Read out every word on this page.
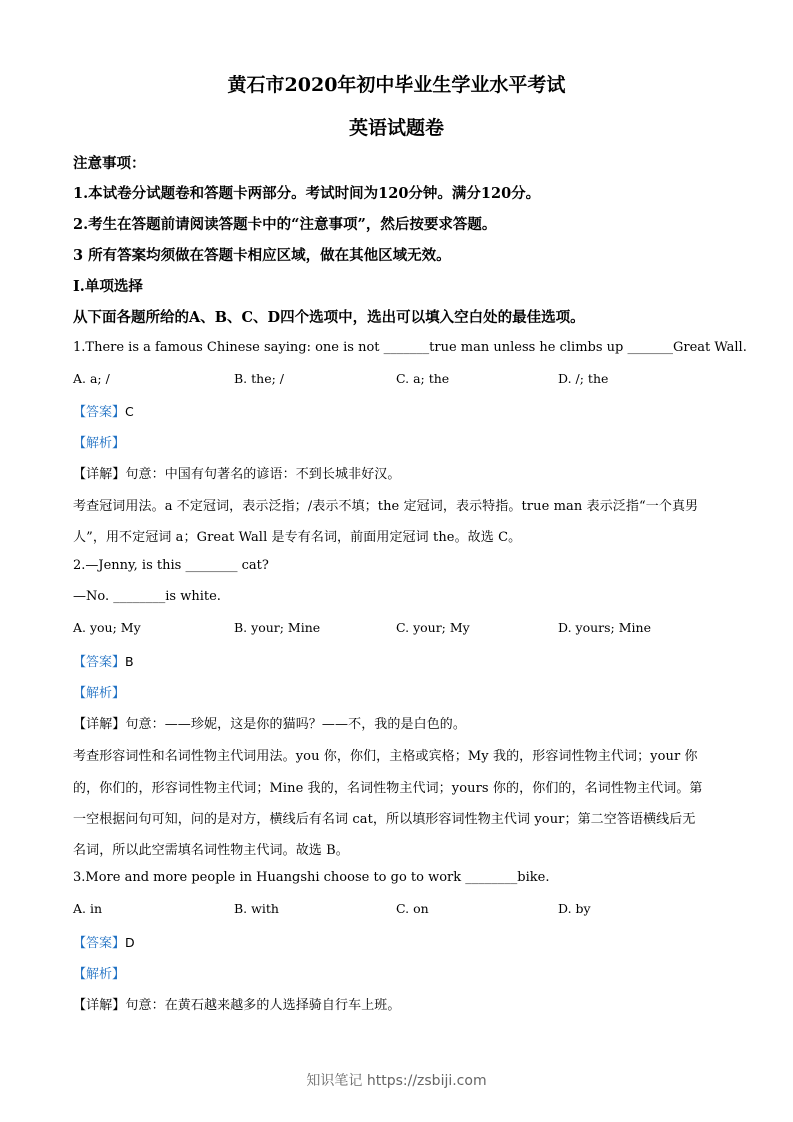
黄石市2020年初中毕业生学业水平考试
英语试题卷
注意事项：
1.本试卷分试题卷和答题卡两部分。考试时间为120分钟。满分120分。
2.考生在答题前请阅读答题卡中的“注意事项”，然后按要求答题。
3 所有答案均须做在答题卡相应区域，做在其他区域无效。
I.单项选择
从下面各题所给的A、B、C、D四个选项中，选出可以填入空白处的最佳选项。
1.There is a famous Chinese saying: one is not _______true man unless he climbs up _______Great Wall.
A. a; /	B. the; /	C. a; the	D. /; the
【答案】C
【解析】
【详解】句意：中国有句著名的谚语：不到长城非好汉。
考查冠词用法。a 不定冠词，表示泛指；/表示不填；the 定冠词，表示特指。true man 表示泛指“一个真男
人”，用不定冠词 a；Great Wall 是专有名词，前面用定冠词 the。故选 C。
2.—Jenny, is this ________ cat?
—No. ________is white.
A. you; My	B. your; Mine	C. your; My	D. yours; Mine
【答案】B
【解析】
【详解】句意：——珍妮，这是你的猫吗？——不，我的是白色的。
考查形容词性和名词性物主代词用法。you 你，你们，主格或宾格；My 我的，形容词性物主代词；your 你
的，你们的，形容词性物主代词；Mine 我的，名词性物主代词；yours 你的，你们的，名词性物主代词。第
一空根据问句可知，问的是对方，横线后有名词 cat，所以填形容词性物主代词 your；第二空答语横线后无
名词，所以此空需填名词性物主代词。故选 B。
3.More and more people in Huangshi choose to go to work ________bike.
A. in	B. with	C. on	D. by
【答案】D
【解析】
【详解】句意：在黄石越来越多的人选择骑自行车上班。
知识笔记 https://zsbiji.com
